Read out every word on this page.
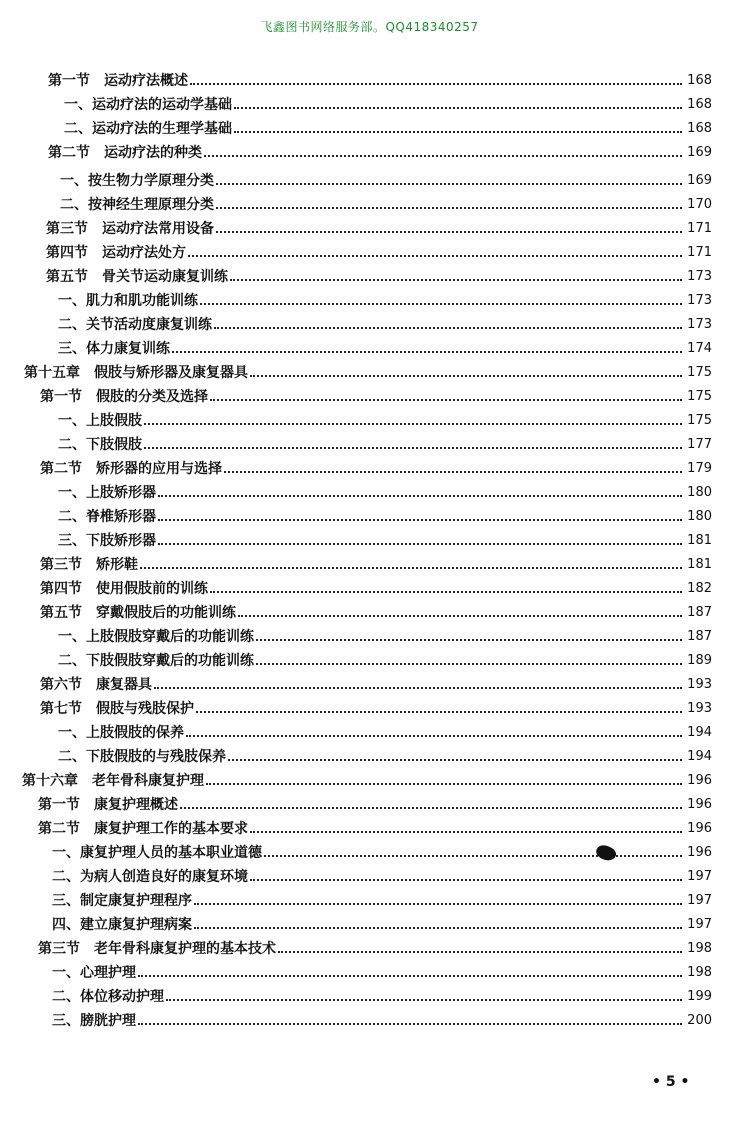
飞鑫图书网络服务部。QQ418340257
第一节　运动疗法概述	168
一、运动疗法的运动学基础	168
二、运动疗法的生理学基础	168
第二节　运动疗法的种类	169
一、按生物力学原理分类	169
二、按神经生理原理分类	170
第三节　运动疗法常用设备	171
第四节　运动疗法处方	171
第五节　骨关节运动康复训练	173
一、肌力和肌功能训练	173
二、关节活动度康复训练	173
三、体力康复训练	174
第十五章　假肢与矫形器及康复器具	175
第一节　假肢的分类及选择	175
一、上肢假肢	175
二、下肢假肢	177
第二节　矫形器的应用与选择	179
一、上肢矫形器	180
二、脊椎矫形器	180
三、下肢矫形器	181
第三节　矫形鞋	181
第四节　使用假肢前的训练	182
第五节　穿戴假肢后的功能训练	187
一、上肢假肢穿戴后的功能训练	187
二、下肢假肢穿戴后的功能训练	189
第六节　康复器具	193
第七节　假肢与残肢保护	193
一、上肢假肢的保养	194
二、下肢假肢的与残肢保养	194
第十六章　老年骨科康复护理	196
第一节　康复护理概述	196
第二节　康复护理工作的基本要求	196
一、康复护理人员的基本职业道德	196
二、为病人创造良好的康复环境	197
三、制定康复护理程序	197
四、建立康复护理病案	197
第三节　老年骨科康复护理的基本技术	198
一、心理护理	198
二、体位移动护理	199
三、膀胱护理	200
• 5 •
